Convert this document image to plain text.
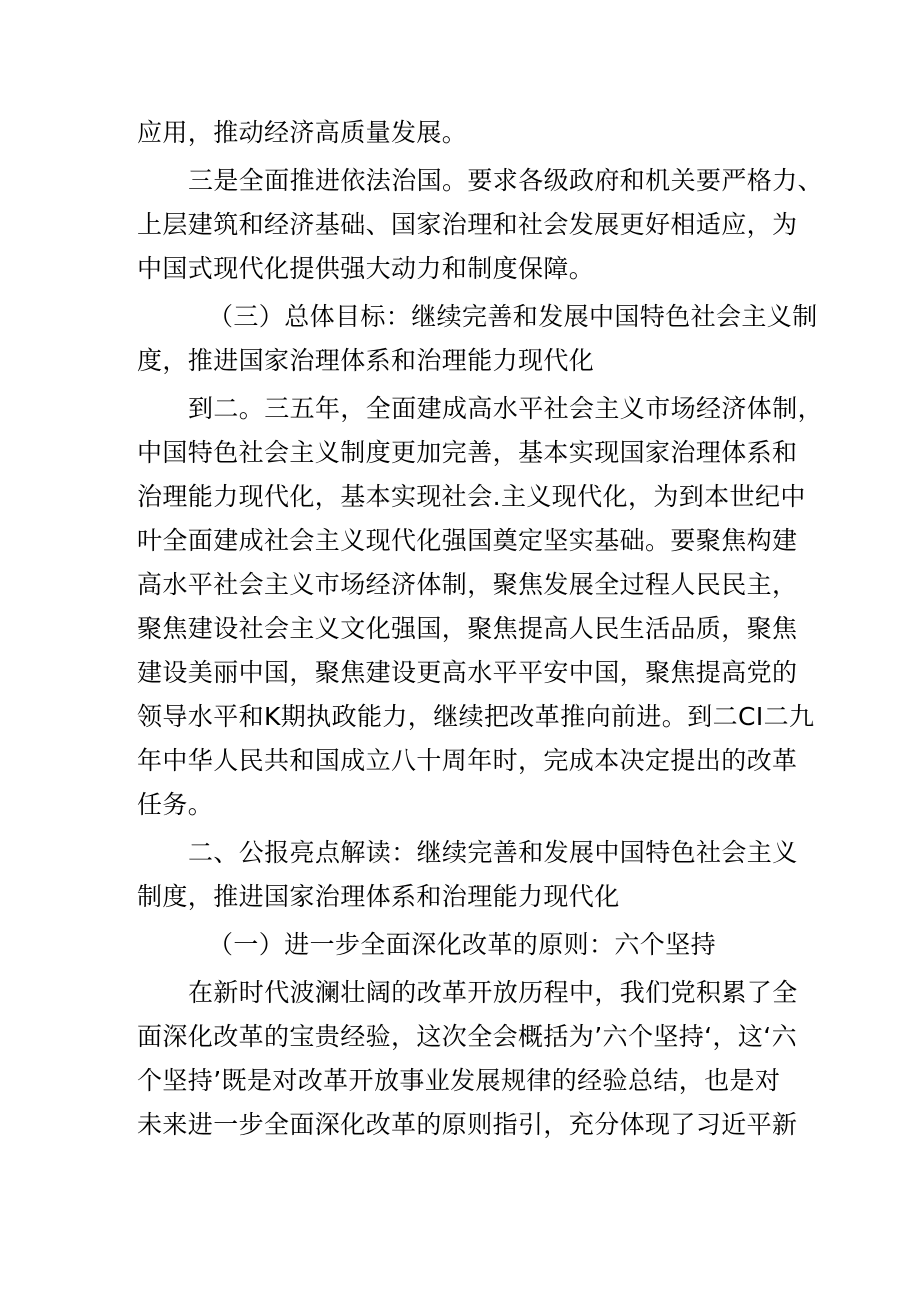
应用，推动经济高质量发展。
三是全面推进依法治国。要求各级政府和机关要严格力、
上层建筑和经济基础、国家治理和社会发展更好相适应，为
中国式现代化提供强大动力和制度保障。
（三）总体目标：继续完善和发展中国特色社会主义制
度，推进国家治理体系和治理能力现代化
到二。三五年，全面建成高水平社会主义市场经济体制，
中国特色社会主义制度更加完善，基本实现国家治理体系和
治理能力现代化，基本实现社会.主义现代化，为到本世纪中
叶全面建成社会主义现代化强国奠定坚实基础。要聚焦构建
高水平社会主义市场经济体制，聚焦发展全过程人民民主，
聚焦建设社会主义文化强国，聚焦提高人民生活品质，聚焦
建设美丽中国，聚焦建设更高水平平安中国，聚焦提高党的
领导水平和K期执政能力，继续把改革推向前进。到二CI二九
年中华人民共和国成立八十周年时，完成本决定提出的改革
任务。
二、公报亮点解读：继续完善和发展中国特色社会主义
制度，推进国家治理体系和治理能力现代化
（一）进一步全面深化改革的原则：六个坚持
在新时代波澜壮阔的改革开放历程中，我们党积累了全
面深化改革的宝贵经验，这次全会概括为’六个坚持‘，这‘六
个坚持’既是对改革开放事业发展规律的经验总结，也是对
未来进一步全面深化改革的原则指引，充分体现了习近平新
